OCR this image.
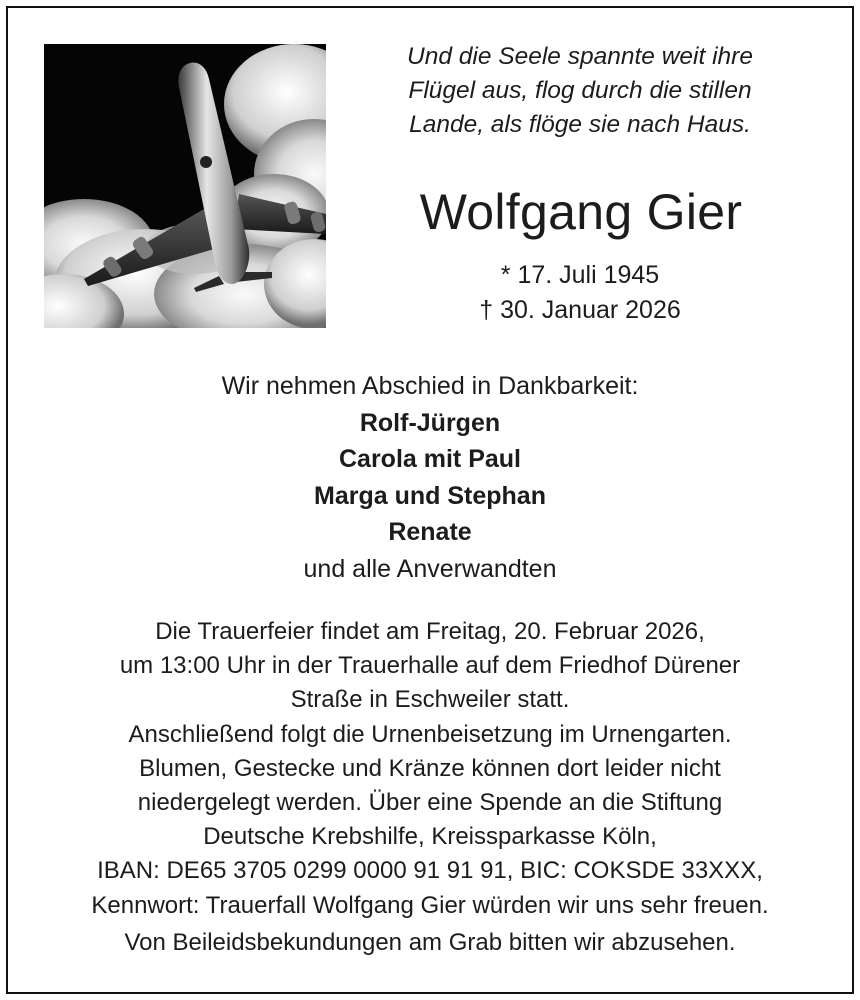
Und die Seele spannte weit ihre
Flügel aus, flog durch die stillen
Lande, als flöge sie nach Haus.
Wolfgang Gier
* 17. Juli 1945
† 30. Januar 2026
Wir nehmen Abschied in Dankbarkeit:
Rolf-Jürgen
Carola mit Paul
Marga und Stephan
Renate
und alle Anverwandten
Die Trauerfeier findet am Freitag, 20. Februar 2026,
um 13:00 Uhr in der Trauerhalle auf dem Friedhof Dürener
Straße in Eschweiler statt.
Anschließend folgt die Urnenbeisetzung im Urnengarten.
Blumen, Gestecke und Kränze können dort leider nicht
niedergelegt werden. Über eine Spende an die Stiftung
Deutsche Krebshilfe, Kreissparkasse Köln,
IBAN: DE65 3705 0299 0000 91 91 91, BIC: COKSDE 33XXX,
Kennwort: Trauerfall Wolfgang Gier würden wir uns sehr freuen.
Von Beileidsbekundungen am Grab bitten wir abzusehen.
